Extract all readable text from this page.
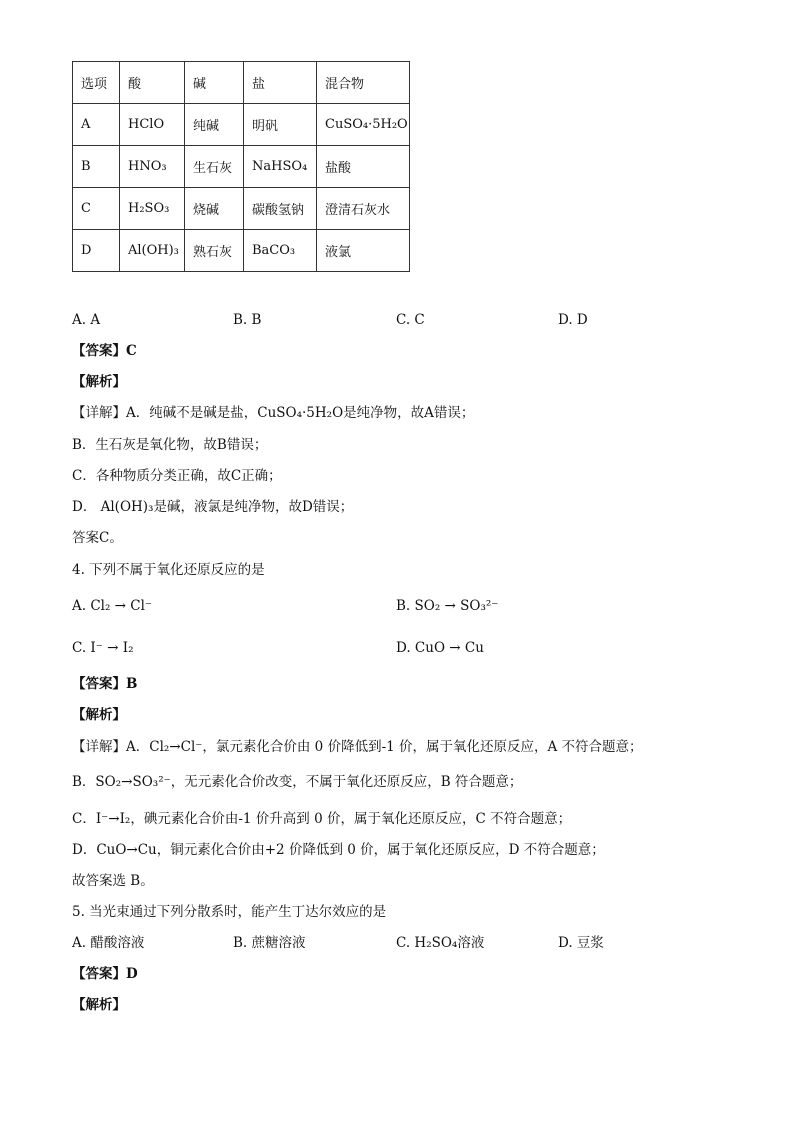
选项	酸	碱	盐	混合物
A	HClO	纯碱	明矾	CuSO₄·5H₂O
B	HNO₃	生石灰	NaHSO₄	盐酸
C	H₂SO₃	烧碱	碳酸氢钠	澄清石灰水
D	Al(OH)₃	熟石灰	BaCO₃	液氯
A. A	B. B	C. C	D. D
【答案】C
【解析】
【详解】A．纯碱不是碱是盐，CuSO₄·5H₂O是纯净物，故A错误；
B．生石灰是氧化物，故B错误；
C．各种物质分类正确，故C正确；
D． Al(OH)₃是碱，液氯是纯净物，故D错误；
答案C。
4. 下列不属于氧化还原反应的是
A. Cl₂ → Cl⁻	B. SO₂ → SO₃²⁻
C. I⁻ → I₂	D. CuO → Cu
【答案】B
【解析】
【详解】A．Cl₂→Cl⁻，氯元素化合价由 0 价降低到-1 价，属于氧化还原反应，A 不符合题意；
B．SO₂→SO₃²⁻，无元素化合价改变，不属于氧化还原反应，B 符合题意；
C．I⁻→I₂，碘元素化合价由-1 价升高到 0 价，属于氧化还原反应，C 不符合题意；
D．CuO→Cu，铜元素化合价由+2 价降低到 0 价，属于氧化还原反应，D 不符合题意；
故答案选 B。
5. 当光束通过下列分散系时，能产生丁达尔效应的是
A. 醋酸溶液	B. 蔗糖溶液	C. H₂SO₄溶液	D. 豆浆
【答案】D
【解析】
